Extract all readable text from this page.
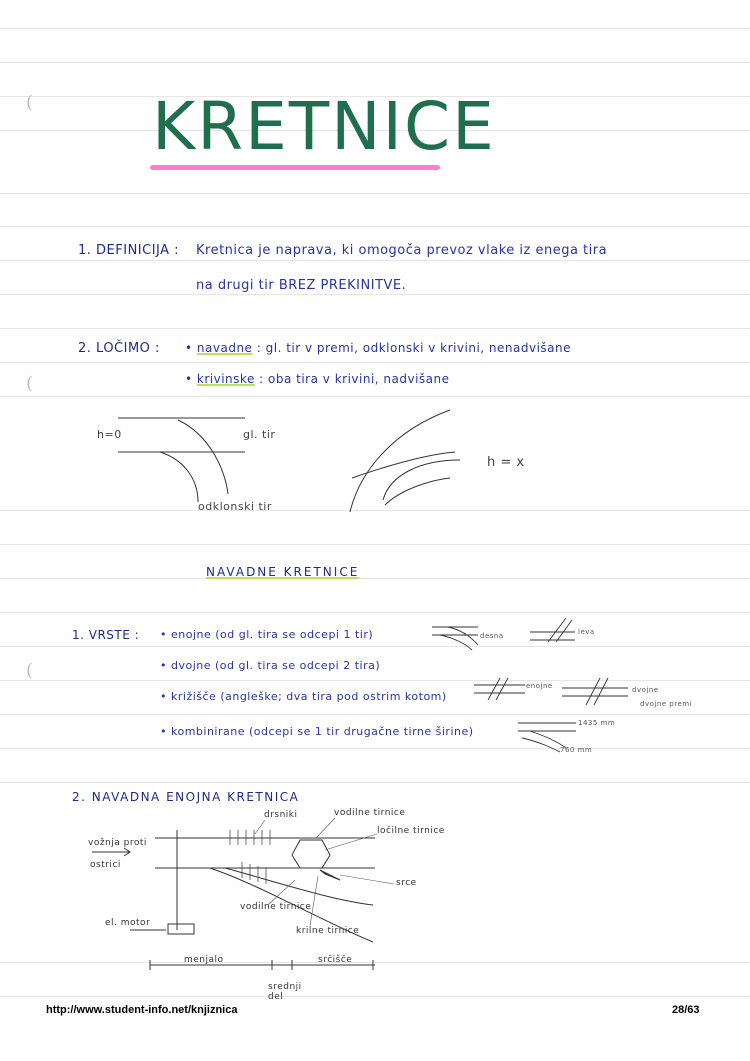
(
(
(
KRETNICE
1. DEFINICIJA : Kretnica je naprava, ki omogoča prevoz vlake iz enega tira
na drugi tir BREZ PREKINITVE.
2. LOČIMO : • navadne : gl. tir v premi, odklonski v krivini, nenadvišane
• krivinske : oba tira v krivini, nadvišane
h=0	gl. tir
odklonski tir
h = x
NAVADNE KRETNICE
1. VRSTE : • enojne (od gl. tira se odcepi 1 tir)
• dvojne (od gl. tira se odcepi 2 tira)
• križišče (angleške; dva tira pod ostrim kotom)
• kombinirane (odcepi se 1 tir drugačne tirne širine)
desna	leva
enojne	dvojne
dvojne premi
1435 mm
760 mm
2. NAVADNA ENOJNA KRETNICA
vožnja proti
ostrici
el. motor
drsniki	vodilne tirnice
ločilne tirnice
srce
vodilne tirnice
krilne tirnice
menjalo	srčišče
srednji del
http://www.student-info.net/knjiznica	28/63
